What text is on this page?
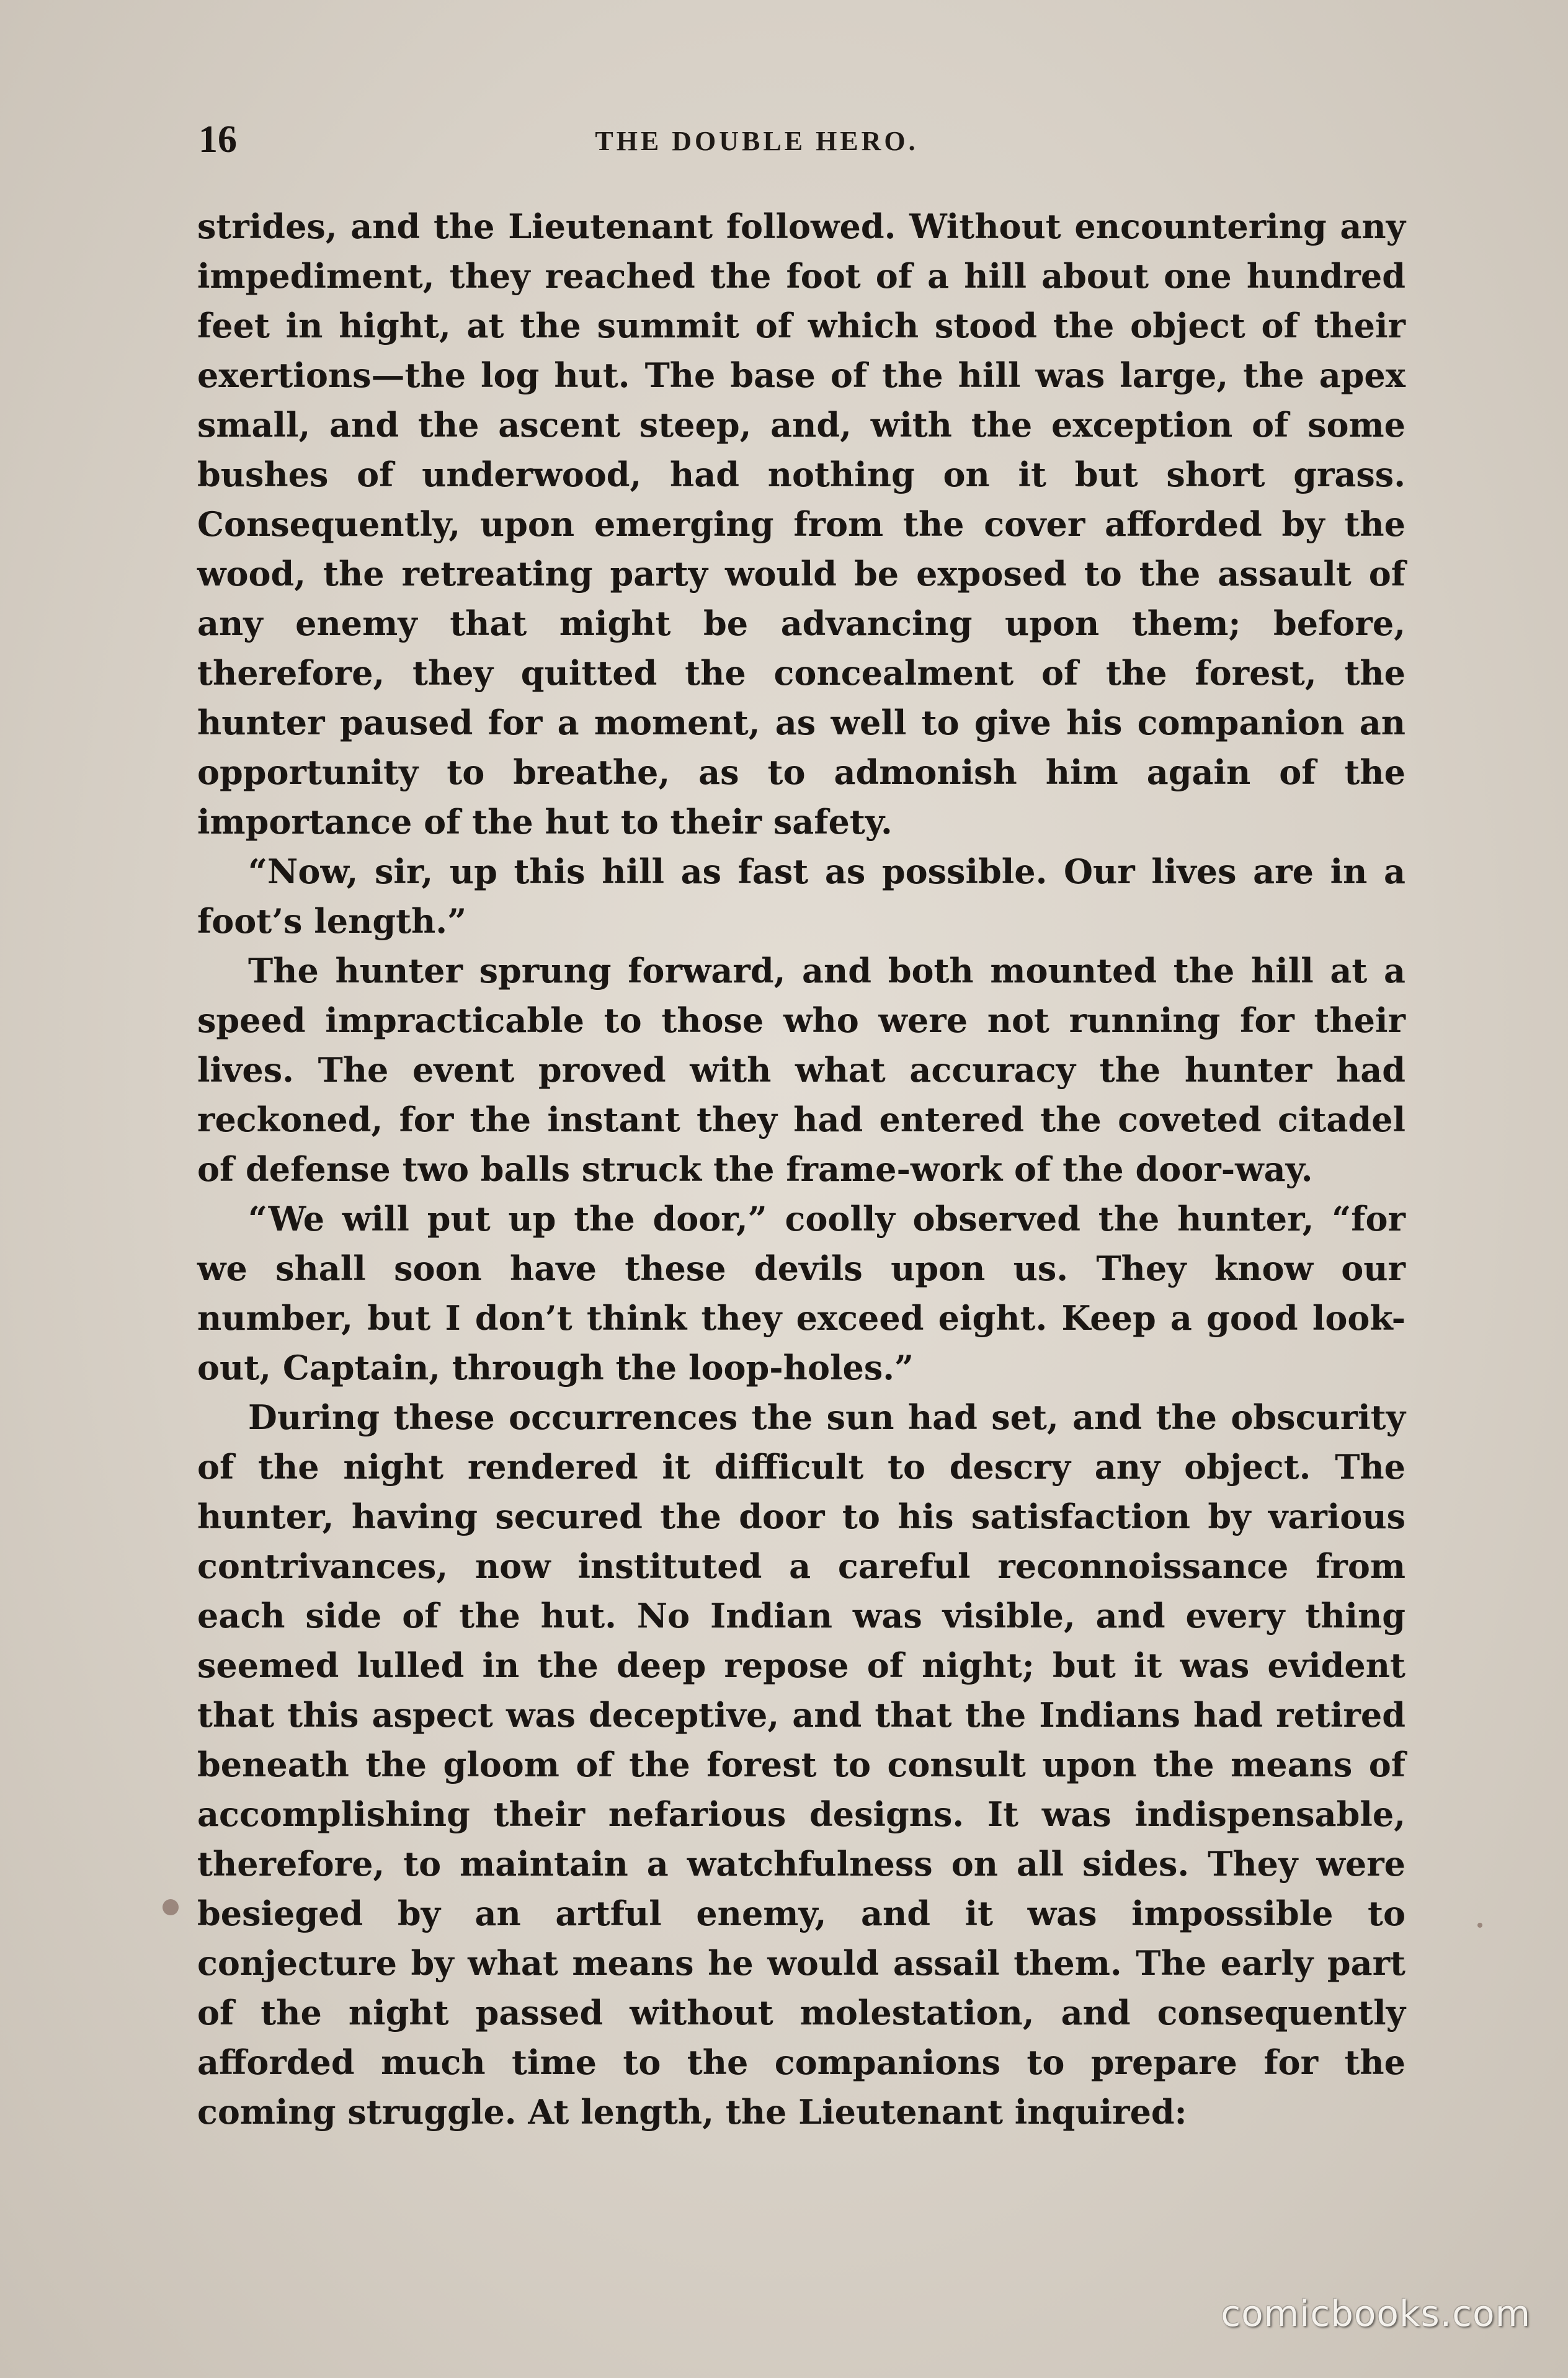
16	THE DOUBLE HERO.

strides, and the Lieutenant followed. Without encountering any impediment, they reached the foot of a hill about one hundred feet in hight, at the summit of which stood the object of their exertions—the log hut. The base of the hill was large, the apex small, and the ascent steep, and, with the exception of some bushes of underwood, had nothing on it but short grass. Consequently, upon emerging from the cover afforded by the wood, the retreating party would be exposed to the assault of any enemy that might be advancing upon them; before, therefore, they quitted the concealment of the forest, the hunter paused for a moment, as well to give his companion an opportunity to breathe, as to admonish him again of the importance of the hut to their safety.

“Now, sir, up this hill as fast as possible. Our lives are in a foot’s length.”

The hunter sprung forward, and both mounted the hill at a speed impracticable to those who were not running for their lives. The event proved with what accuracy the hunter had reckoned, for the instant they had entered the coveted citadel of defense two balls struck the frame-work of the door-way.

“We will put up the door,” coolly observed the hunter, “for we shall soon have these devils upon us. They know our number, but I don’t think they exceed eight. Keep a good look-out, Captain, through the loop-holes.”

During these occurrences the sun had set, and the obscurity of the night rendered it difficult to descry any object. The hunter, having secured the door to his satisfaction by various contrivances, now instituted a careful reconnoissance from each side of the hut. No Indian was visible, and every thing seemed lulled in the deep repose of night; but it was evident that this aspect was deceptive, and that the Indians had retired beneath the gloom of the forest to consult upon the means of accomplishing their nefarious designs. It was indispensable, therefore, to maintain a watchfulness on all sides. They were besieged by an artful enemy, and it was impossible to conjecture by what means he would assail them. The early part of the night passed without molestation, and consequently afforded much time to the companions to prepare for the coming struggle. At length, the Lieutenant inquired:

comicbooks.com
